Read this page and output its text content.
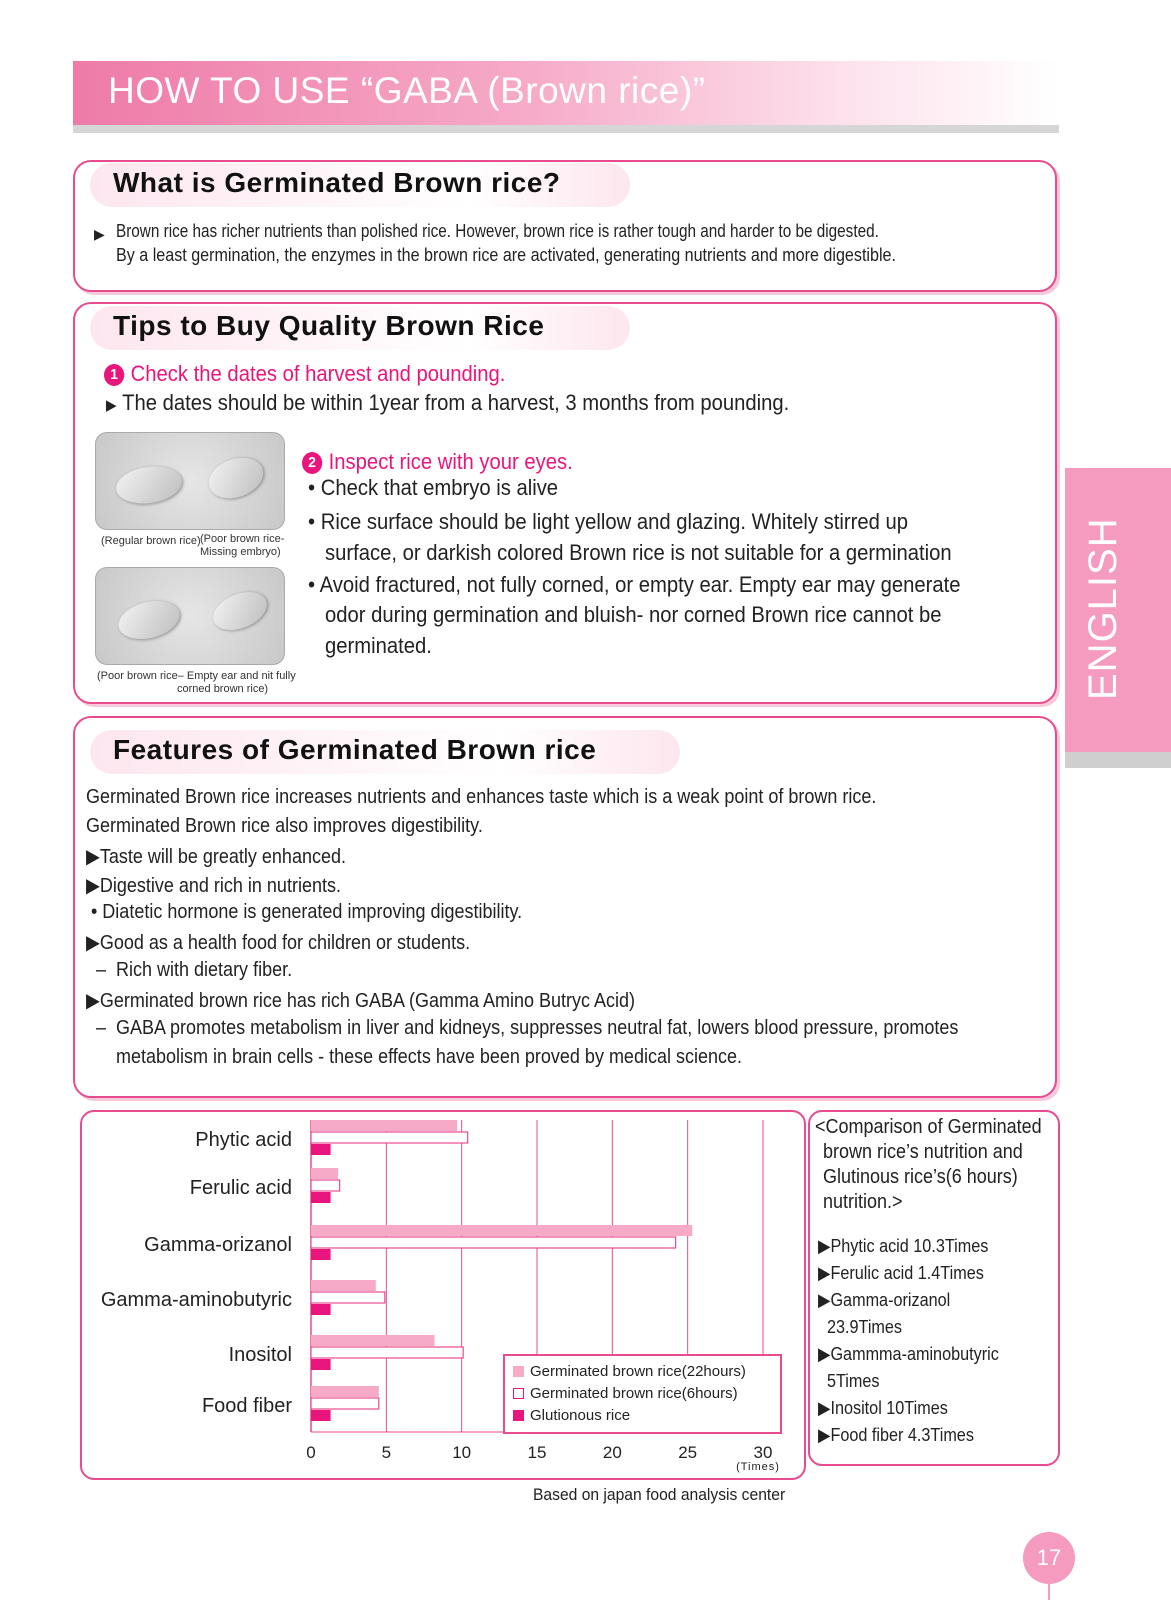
HOW TO USE “GABA (Brown rice)”
ENGLISH
What is Germinated Brown rice?
▶ Brown rice has richer nutrients than polished rice. However, brown rice is rather tough and harder to be digested.
By a least germination, the enzymes in the brown rice are activated, generating nutrients and more digestible.
Tips to Buy Quality Brown Rice
1 Check the dates of harvest and pounding.
▶ The dates should be within 1year from a harvest, 3 months from pounding.
(Regular brown rice) (Poor brown rice-
Missing embryo)
(Poor brown rice– Empty ear and nit fully
corned brown rice)
2 Inspect rice with your eyes.
• Check that embryo is alive
• Rice surface should be light yellow and glazing. Whitely stirred up
surface, or darkish colored Brown rice is not suitable for a germination
• Avoid fractured, not fully corned, or empty ear. Empty ear may generate
odor during germination and bluish- nor corned Brown rice cannot be
germinated.
Features of Germinated Brown rice
Germinated Brown rice increases nutrients and enhances taste which is a weak point of brown rice.
Germinated Brown rice also improves digestibility.
▶Taste will be greatly enhanced.
▶Digestive and rich in nutrients.
• Diatetic hormone is generated improving digestibility.
▶Good as a health food for children or students.
–  Rich with dietary fiber.
▶Germinated brown rice has rich GABA (Gamma Amino Butryc Acid)
–  GABA promotes metabolism in liver and kidneys, suppresses neutral fat, lowers blood pressure, promotes
metabolism in brain cells - these effects have been proved by medical science.
0	5	10	15	20	25	30
(Times)
Phytic acid
Ferulic acid
Gamma-orizanol
Gamma-aminobutyric
Inositol
Food fiber
Germinated brown rice(22hours)
Germinated brown rice(6hours)
Glutionous rice
Based on japan food analysis center
<Comparison of Germinated
brown rice’s nutrition and
Glutinous rice’s(6 hours)
nutrition.>
▶Phytic acid 10.3Times
▶Ferulic acid 1.4Times
▶Gamma-orizanol
23.9Times
▶Gammma-aminobutyric
5Times
▶Inositol 10Times
▶Food fiber 4.3Times
17
